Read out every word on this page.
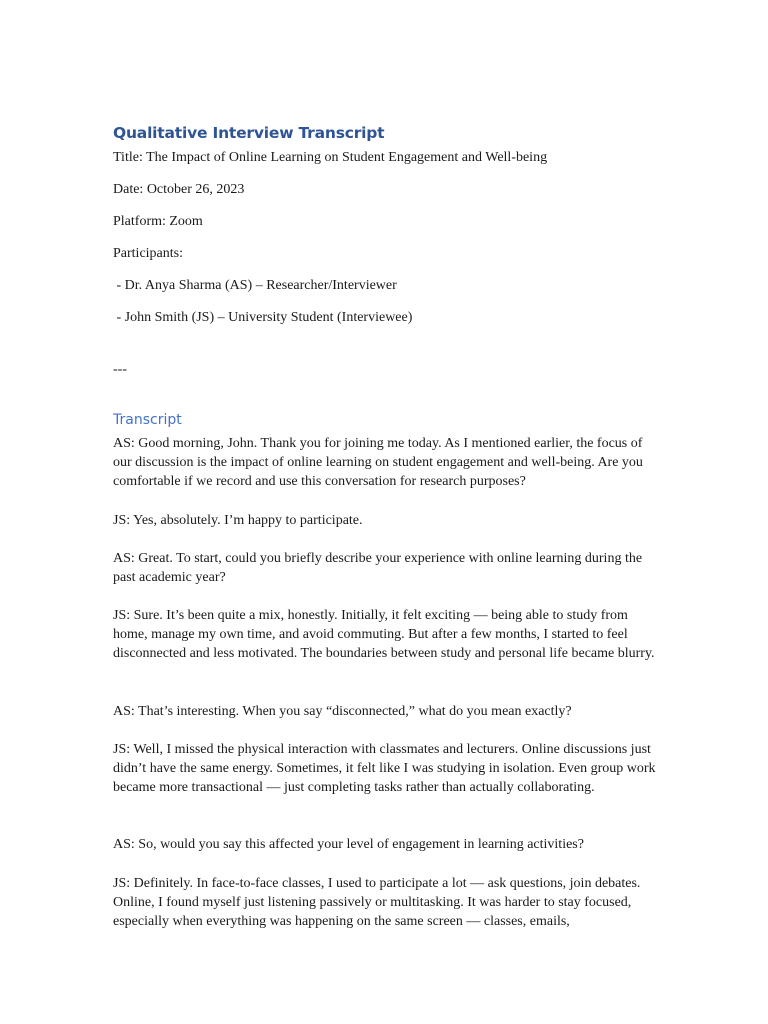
Qualitative Interview Transcript
Title: The Impact of Online Learning on Student Engagement and Well-being
Date: October 26, 2023
Platform: Zoom
Participants:
- Dr. Anya Sharma (AS) – Researcher/Interviewer
- John Smith (JS) – University Student (Interviewee)
---
Transcript

AS: Good morning, John. Thank you for joining me today. As I mentioned earlier, the focus of our discussion is the impact of online learning on student engagement and well-being. Are you comfortable if we record and use this conversation for research purposes?

JS: Yes, absolutely. I’m happy to participate.

AS: Great. To start, could you briefly describe your experience with online learning during the past academic year?

JS: Sure. It’s been quite a mix, honestly. Initially, it felt exciting — being able to study from home, manage my own time, and avoid commuting. But after a few months, I started to feel disconnected and less motivated. The boundaries between study and personal life became blurry.

AS: That’s interesting. When you say “disconnected,” what do you mean exactly?

JS: Well, I missed the physical interaction with classmates and lecturers. Online discussions just didn’t have the same energy. Sometimes, it felt like I was studying in isolation. Even group work became more transactional — just completing tasks rather than actually collaborating.

AS: So, would you say this affected your level of engagement in learning activities?

JS: Definitely. In face-to-face classes, I used to participate a lot — ask questions, join debates. Online, I found myself just listening passively or multitasking. It was harder to stay focused, especially when everything was happening on the same screen — classes, emails,
